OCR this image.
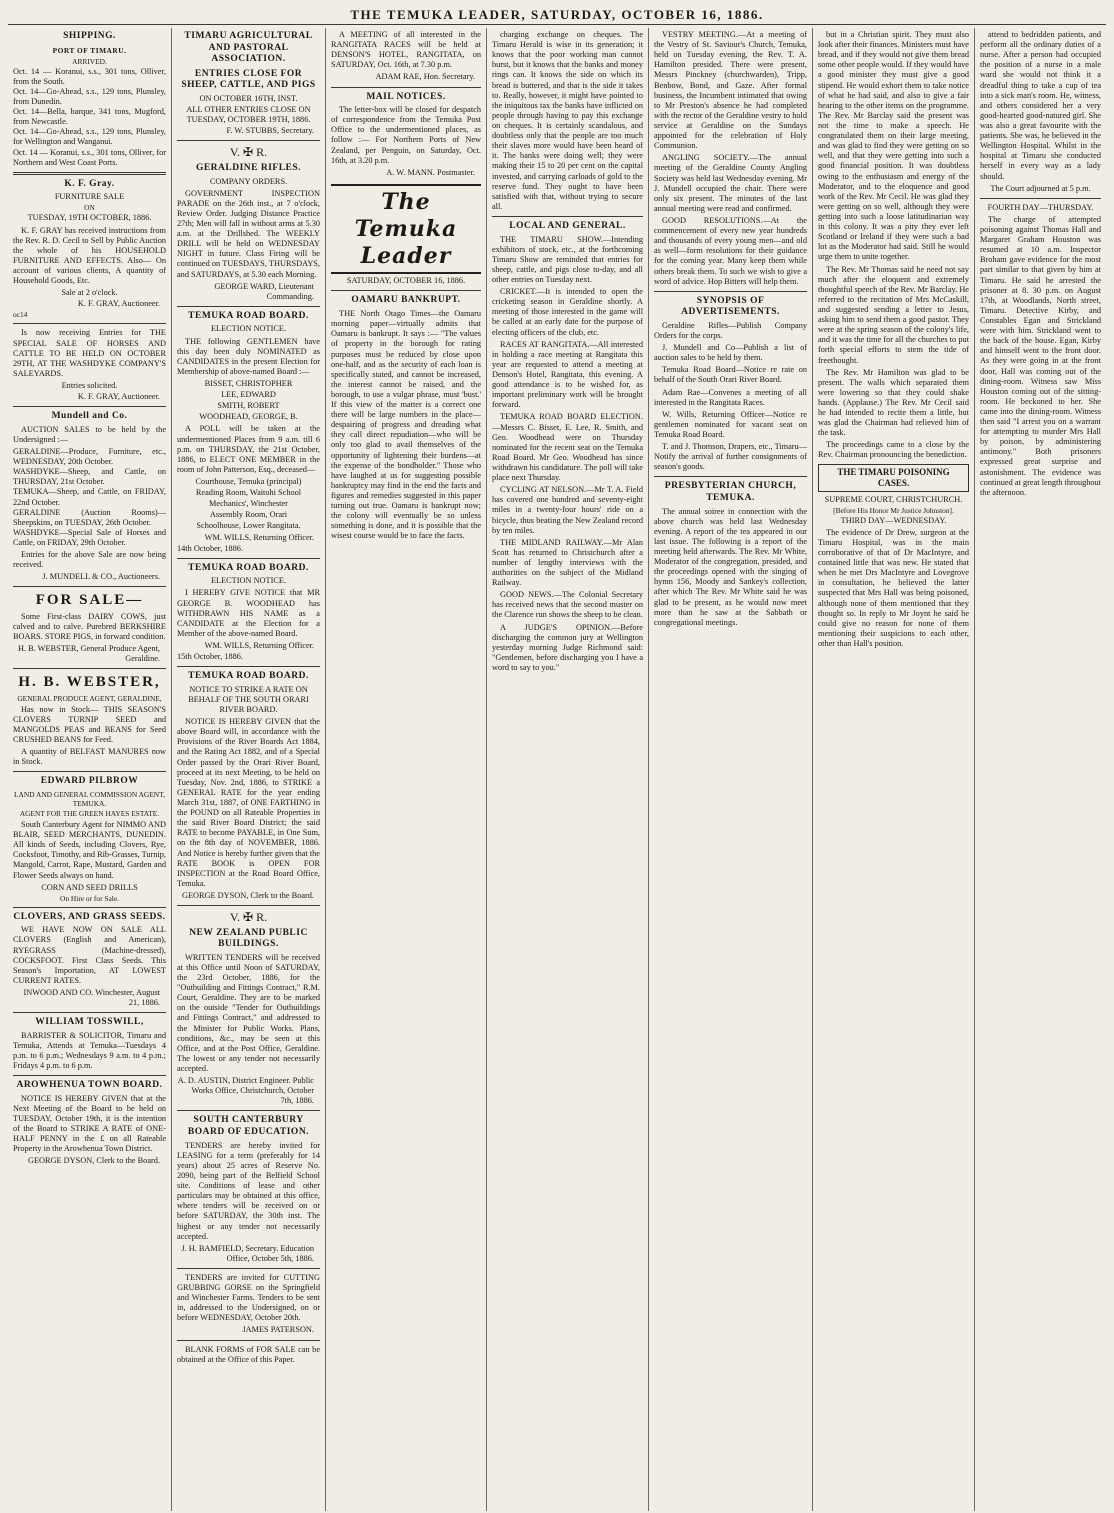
THE TEMUKA LEADER, SATURDAY, OCTOBER 16, 1886.
SHIPPING.
PORT OF TIMARU.
ARRIVED.
Oct. 14 — Koranui, s.s., 301 tons, Olliver, from the South.
Oct. 14—Go-Ahead, s.s., 129 tons, Plunsley, from Dunedin.
Oct. 14—Bella, barque, 341 tons, Mugford, from Newcastle.
Oct. 14—Go-Ahead, s.s., 129 tons, Plunsley, for Wellington and Wanganui.
Oct. 14 — Koranui, s.s., 301 tons, Olliver, for Northern and West Coast Ports.
K. F. Gray.
FURNITURE SALE
ON
TUESDAY, 19TH OCTOBER, 1886.

K. F. GRAY has received instructions from the Rev. R. D. Cecil to Sell by Public Auction the whole of his HOUSEHOLD FURNITURE AND EFFECTS. Also— On account of various clients, A quantity of Household Goods, Etc.

Sale at 2 o'clock.
K. F. GRAY, Auctioneer.
oc14

Is now receiving Entries for THE SPECIAL SALE OF HORSES AND CATTLE TO BE HELD ON OCTOBER 29TH, AT THE WASHDYKE COMPANY'S SALEYARDS.

Entries solicited.
K. F. GRAY, Auctioneer.
Mundell and Co.

AUCTION SALES to be held by the Undersigned :—

GERALDINE—Produce, Furniture, etc., WEDNESDAY, 20th October.
WASHDYKE—Sheep, and Cattle, on THURSDAY, 21st October.
TEMUKA—Sheep, and Cattle, on FRIDAY, 22nd October.
GERALDINE (Auction Rooms)—Sheepskins, on TUESDAY, 26th October.
WASHDYKE—Special Sale of Horses and Cattle, on FRIDAY, 29th October.

Entries for the above Sale are now being received.

J. MUNDELL & CO., Auctioneers.
FOR SALE—

Some First-class DAIRY COWS, just calved and to calve. Purebred BERKSHIRE BOARS. STORE PIGS, in forward condition.

H. B. WEBSTER, General Produce Agent, Geraldine.
H. B. WEBSTER,
GENERAL PRODUCE AGENT, GERALDINE,

Has now in Stock— THIS SEASON'S CLOVERS TURNIP SEED and MANGOLDS PEAS and BEANS for Seed CRUSHED BEANS for Feed.

A quantity of BELFAST MANURES now in Stock.

EDWARD PILBROW
LAND AND GENERAL COMMISSION AGENT, TEMUKA.
AGENT FOR THE GREEN HAYES ESTATE.

South Canterbury Agent for NIMMO AND BLAIR, SEED MERCHANTS, DUNEDIN. All kinds of Seeds, including Clovers, Rye, Cocksfoot, Timothy, and Rib-Grasses, Turnip, Mangold, Carrot, Rape, Mustard, Garden and Flower Seeds always on hand.

CORN AND SEED DRILLS
On Hire or for Sale.
CLOVERS, AND GRASS SEEDS.

WE HAVE NOW ON SALE ALL CLOVERS (English and American), RYEGRASS (Machine-dressed), COCKSFOOT. First Class Seeds. This Season's Importation, AT LOWEST CURRENT RATES.

INWOOD AND CO. Winchester, August 21, 1886.
WILLIAM TOSSWILL,

BARRISTER & SOLICITOR, Timaru and Temuka, Attends at Temuka—Tuesdays 4 p.m. to 6 p.m.; Wednesdays 9 a.m. to 4 p.m.; Fridays 4 p.m. to 6 p.m.

AROWHENUA TOWN BOARD.

NOTICE IS HEREBY GIVEN that at the Next Meeting of the Board to be held on TUESDAY, October 19th, it is the intention of the Board to STRIKE A RATE of ONE-HALF PENNY in the £ on all Rateable Property in the Arowhenua Town District.

GEORGE DYSON, Clerk to the Board.
TIMARU AGRICULTURAL AND PASTORAL ASSOCIATION.
ENTRIES CLOSE FOR SHEEP, CATTLE, AND PIGS
ON OCTOBER 16TH, INST.
ALL OTHER ENTRIES CLOSE ON TUESDAY, OCTOBER 19TH, 1886.
F. W. STUBBS, Secretary.
V. ✠ R.
GERALDINE RIFLES.
COMPANY ORDERS.

GOVERNMENT INSPECTION PARADE on the 26th inst., at 7 o'clock, Review Order. Judging Distance Practice 27th; Men will fall in without arms at 5.30 a.m. at the Drillshed. The WEEKLY DRILL will be held on WEDNESDAY NIGHT in future. Class Firing will be continued on TUESDAYS, THURSDAYS, and SATURDAYS, at 5.30 each Morning.

GEORGE WARD, Lieutenant Commanding.
TEMUKA ROAD BOARD.
ELECTION NOTICE.

THE following GENTLEMEN have this day been duly NOMINATED as CANDIDATES in the present Election for Membership of above-named Board :—

BISSET, CHRISTOPHER
LEE, EDWARD
SMITH, ROBERT
WOODHEAD, GEORGE, B.

A POLL will be taken at the undermentioned Places from 9 a.m. till 6 p.m. on THURSDAY, the 21st October, 1886, to ELECT ONE MEMBER in the room of John Patterson, Esq., deceased—

Courthouse, Temuka (principal)
Reading Room, Waitohi School
Mechanics', Winchester
Assembly Room, Orari
Schoolhouse, Lower Rangitata.
WM. WILLS, Returning Officer.
14th October, 1886.
TEMUKA ROAD BOARD.
ELECTION NOTICE.

I HEREBY GIVE NOTICE that MR GEORGE B. WOODHEAD has WITHDRAWN HIS NAME as a CANDIDATE at the Election for a Member of the above-named Board.

WM. WILLS, Returning Officer.
15th October, 1886.
TEMUKA ROAD BOARD.
NOTICE TO STRIKE A RATE ON BEHALF OF THE SOUTH ORARI RIVER BOARD.

NOTICE IS HEREBY GIVEN that the above Board will, in accordance with the Provisions of the River Boards Act 1884, and the Rating Act 1882, and of a Special Order passed by the Orari River Board, proceed at its next Meeting, to be held on Tuesday, Nov. 2nd, 1886, to STRIKE a GENERAL RATE for the year ending March 31st, 1887, of ONE FARTHING in the POUND on all Rateable Properties in the said River Board District; the said RATE to become PAYABLE, in One Sum, on the 8th day of NOVEMBER, 1886. And Notice is hereby further given that the RATE BOOK is OPEN FOR INSPECTION at the Road Board Office, Temuka.

GEORGE DYSON, Clerk to the Board.
V. ✠ R.
NEW ZEALAND PUBLIC BUILDINGS.

WRITTEN TENDERS will be received at this Office until Noon of SATURDAY, the 23rd October, 1886, for the "Outbuilding and Fittings Contract," R.M. Court, Geraldine. They are to be marked on the outside "Tender for Outbuildings and Fittings Contract," and addressed to the Minister for Public Works. Plans, conditions, &c., may be seen at this Office, and at the Post Office, Geraldine. The lowest or any tender not necessarily accepted.

A. D. AUSTIN, District Engineer. Public Works Office, Christchurch, October 7th, 1886.
SOUTH CANTERBURY BOARD OF EDUCATION.

TENDERS are hereby invited for LEASING for a term (preferably for 14 years) about 25 acres of Reserve No. 2090, being part of the Belfield School site. Conditions of lease and other particulars may be obtained at this office, where tenders will be received on or before SATURDAY, the 30th inst. The highest or any tender not necessarily accepted.

J. H. BAMFIELD, Secretary. Education Office, October 5th, 1886.

TENDERS are invited for CUTTING GRUBBING GORSE on the Springfield and Winchester Farms. Tenders to be sent in, addressed to the Undersigned, on or before WEDNESDAY, October 20th.

JAMES PATERSON.

BLANK FORMS of FOR SALE can be obtained at the Office of this Paper.

A MEETING of all interested in the RANGITATA RACES will be held at DENSON'S HOTEL, RANGITATA, on SATURDAY, Oct. 16th, at 7.30 p.m.

ADAM RAE, Hon. Secretary.
MAIL NOTICES.

The letter-box will be closed for despatch of correspondence from the Temuka Post Office to the undermentioned places, as follow :— For Northern Ports of New Zealand, per Penguin, on Saturday, Oct. 16th, at 3.20 p.m.

A. W. MANN. Postmaster.
The Temuka Leader
SATURDAY, OCTOBER 16, 1886.
OAMARU BANKRUPT.

THE North Otago Times—the Oamaru morning paper—virtually admits that Oamaru is bankrupt. It says :— "The values of property in the borough for rating purposes must be reduced by close upon one-half, and as the security of each loan is specifically stated, and cannot be increased, the interest cannot be raised, and the borough, to use a vulgar phrase, must 'bust.' If this view of the matter is a correct one there will be large numbers in the place—despairing of progress and dreading what they call direct repudiation—who will be only too glad to avail themselves of the opportunity of lightening their burdens—at the expense of the bondholder." Those who have laughed at us for suggesting possible bankruptcy may find in the end the facts and figures and remedies suggested in this paper turning out true. Oamaru is bankrupt now; the colony will eventually be so unless something is done, and it is possible that the wisest course would be to face the facts.

charging exchange on cheques. The Timaru Herald is wise in its generation; it knows that the poor working man cannot burst, but it knows that the banks and money rings can. It knows the side on which its bread is buttered, and that is the side it takes to. Really, however, it might have pointed to the iniquitous tax the banks have inflicted on people through having to pay this exchange on cheques. It is certainly scandalous, and doubtless only that the people are too much their slaves more would have been heard of it. The banks were doing well; they were making their 15 to 20 per cent on the capital invested, and carrying carloads of gold to the reserve fund. They ought to have been satisfied with that, without trying to secure all.

LOCAL AND GENERAL.

THE TIMARU SHOW.—Intending exhibitors of stock, etc., at the forthcoming Timaru Show are reminded that entries for sheep, cattle, and pigs close to-day, and all other entries on Tuesday next.

CRICKET.—It is intended to open the cricketing season in Geraldine shortly. A meeting of those interested in the game will be called at an early date for the purpose of electing officers of the club, etc.

RACES AT RANGITATA.—All interested in holding a race meeting at Rangitata this year are requested to attend a meeting at Denson's Hotel, Rangitata, this evening. A good attendance is to be wished for, as important preliminary work will be brought forward.

TEMUKA ROAD BOARD ELECTION.—Messrs C. Bisset, E. Lee, R. Smith, and Geo. Woodhead were on Thursday nominated for the recent seat on the Temuka Road Board. Mr Geo. Woodhead has since withdrawn his candidature. The poll will take place next Thursday.

CYCLING AT NELSON.—Mr T. A. Field has covered one hundred and seventy-eight miles in a twenty-four hours' ride on a bicycle, thus beating the New Zealand record by ten miles.

THE MIDLAND RAILWAY.—Mr Alan Scott has returned to Christchurch after a number of lengthy interviews with the authorities on the subject of the Midland Railway.

GOOD NEWS.—The Colonial Secretary has received news that the second muster on the Clarence run shows the sheep to be clean.

A JUDGE'S OPINION.—Before discharging the common jury at Wellington yesterday morning Judge Richmond said: "Gentlemen, before discharging you I have a word to say to you."

VESTRY MEETING.—At a meeting of the Vestry of St. Saviour's Church, Temuka, held on Tuesday evening, the Rev. T. A. Hamilton presided. There were present, Messrs Pinckney (churchwarden), Tripp, Benbow, Bond, and Gaze. After formal business, the Incumbent intimated that owing to Mr Preston's absence he had completed with the rector of the Geraldine vestry to hold service at Geraldine on the Sundays appointed for the celebration of Holy Communion.

ANGLING SOCIETY.—The annual meeting of the Geraldine County Angling Society was held last Wednesday evening. Mr J. Mundell occupied the chair. There were only six present. The minutes of the last annual meeting were read and confirmed.

GOOD RESOLUTIONS.—At the commencement of every new year hundreds and thousands of every young men—and old as well—form resolutions for their guidance for the coming year. Many keep them while others break them. To such we wish to give a word of advice. Hop Bitters will help them.

SYNOPSIS OF ADVERTISEMENTS.

Geraldine Rifles—Publish Company Orders for the corps.

J. Mundell and Co—Publish a list of auction sales to be held by them.

Temuka Road Board—Notice re rate on behalf of the South Orari River Board.

Adam Rae—Convenes a meeting of all interested in the Rangitata Races.

W. Wills, Returning Officer—Notice re gentlemen nominated for vacant seat on Temuka Road Board.

T. and J. Thomson, Drapers, etc., Timaru—Notify the arrival of further consignments of season's goods.

PRESBYTERIAN CHURCH, TEMUKA.

The annual soiree in connection with the above church was held last Wednesday evening. A report of the tea appeared in our last issue. The following is a report of the meeting held afterwards. The Rev. Mr White, Moderator of the congregation, presided, and the proceedings opened with the singing of hymn 156, Moody and Sankey's collection, after which The Rev. Mr White said he was glad to be present, as he would now meet more than he saw at the Sabbath or congregational meetings.

but in a Christian spirit. They must also look after their finances. Ministers must have bread, and if they would not give them bread some other people would. If they would have a good minister they must give a good stipend. He would exhort them to take notice of what he had said, and also to give a fair hearing to the other items on the programme. The Rev. Mr Barclay said the present was not the time to make a speech. He congratulated them on their large meeting, and was glad to find they were getting on so well, and that they were getting into such a good financial position. It was doubtless owing to the enthusiasm and energy of the Moderator, and to the eloquence and good work of the Rev. Mr Cecil. He was glad they were getting on so well, although they were getting into such a loose latitudinarian way in this colony. It was a pity they ever left Scotland or Ireland if they were such a bad lot as the Moderator had said. Still he would urge them to unite together.

The Rev. Mr Thomas said he need not say much after the eloquent and extremely thoughtful speech of the Rev. Mr Barclay. He referred to the recitation of Mrs McCaskill, and suggested sending a letter to Jesus, asking him to send them a good pastor. They were at the spring season of the colony's life, and it was the time for all the churches to put forth special efforts to stem the tide of freethought.

The Rev. Mr Hamilton was glad to be present. The walls which separated them were lowering so that they could shake hands. (Applause.) The Rev. Mr Cecil said he had intended to recite them a little, but was glad the Chairman had relieved him of the task.

The proceedings came to a close by the Rev. Chairman pronouncing the benediction.

THE TIMARU POISONING CASES.
SUPREME COURT, CHRISTCHURCH.
[Before His Honor Mr Justice Johnston].
THIRD DAY—WEDNESDAY.

The evidence of Dr Drew, surgeon at the Timaru Hospital, was in the main corroborative of that of Dr MacIntyre, and contained little that was new. He stated that when he met Drs MacIntyre and Lovegrove in consultation, he believed the latter suspected that Mrs Hall was being poisoned, although none of them mentioned that they thought so. In reply to Mr Joynt he said he could give no reason for none of them mentioning their suspicions to each other, other than Hall's position.

attend to bedridden patients, and perform all the ordinary duties of a nurse. After a person had occupied the position of a nurse in a male ward she would not think it a dreadful thing to take a cup of tea into a sick man's room. He, witness, and others considered her a very good-hearted good-natured girl. She was also a great favourite with the patients. She was, he believed in the Wellington Hospital. Whilst in the hospital at Timaru she conducted herself in every way as a lady should.

The Court adjourned at 5 p.m.
FOURTH DAY—THURSDAY.

The charge of attempted poisoning against Thomas Hall and Margaret Graham Houston was resumed at 10 a.m. Inspector Broham gave evidence for the most part similar to that given by him at Timaru. He said he arrested the prisoner at 8. 30 p.m. on August 17th, at Woodlands, North street, Timaru. Detective Kirby, and Constables Egan and Strickland were with him. Strickland went to the back of the house. Egan, Kirby and himself went to the front door. As they were going in at the front door, Hall was coming out of the dining-room. Witness saw Miss Houston coming out of the sitting-room. He beckoned to her. She came into the dining-room. Witness then said "I arrest you on a warrant for attempting to murder Mrs Hall by poison, by administering antimony." Both prisoners expressed great surprise and astonishment. The evidence was continued at great length throughout the afternoon.
